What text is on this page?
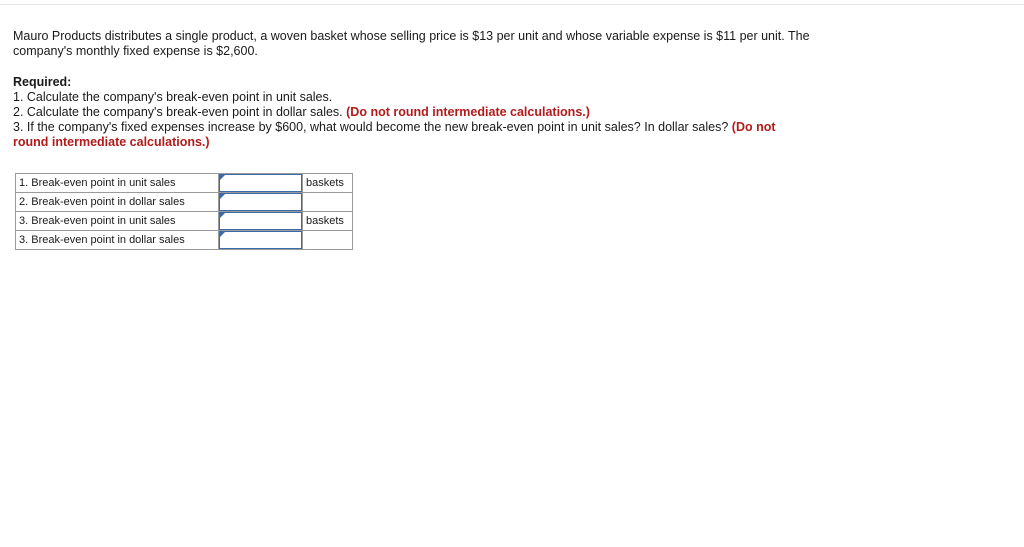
Mauro Products distributes a single product, a woven basket whose selling price is $13 per unit and whose variable expense is $11 per unit. The company's monthly fixed expense is $2,600.

Required:

1. Calculate the company's break-even point in unit sales.

2. Calculate the company's break-even point in dollar sales. (Do not round intermediate calculations.)

3. If the company's fixed expenses increase by $600, what would become the new break-even point in unit sales? In dollar sales? (Do not round intermediate calculations.)

1. Break-even point in unit sales		baskets
2. Break-even point in dollar sales	

3. Break-even point in unit sales		baskets
3. Break-even point in dollar sales	
